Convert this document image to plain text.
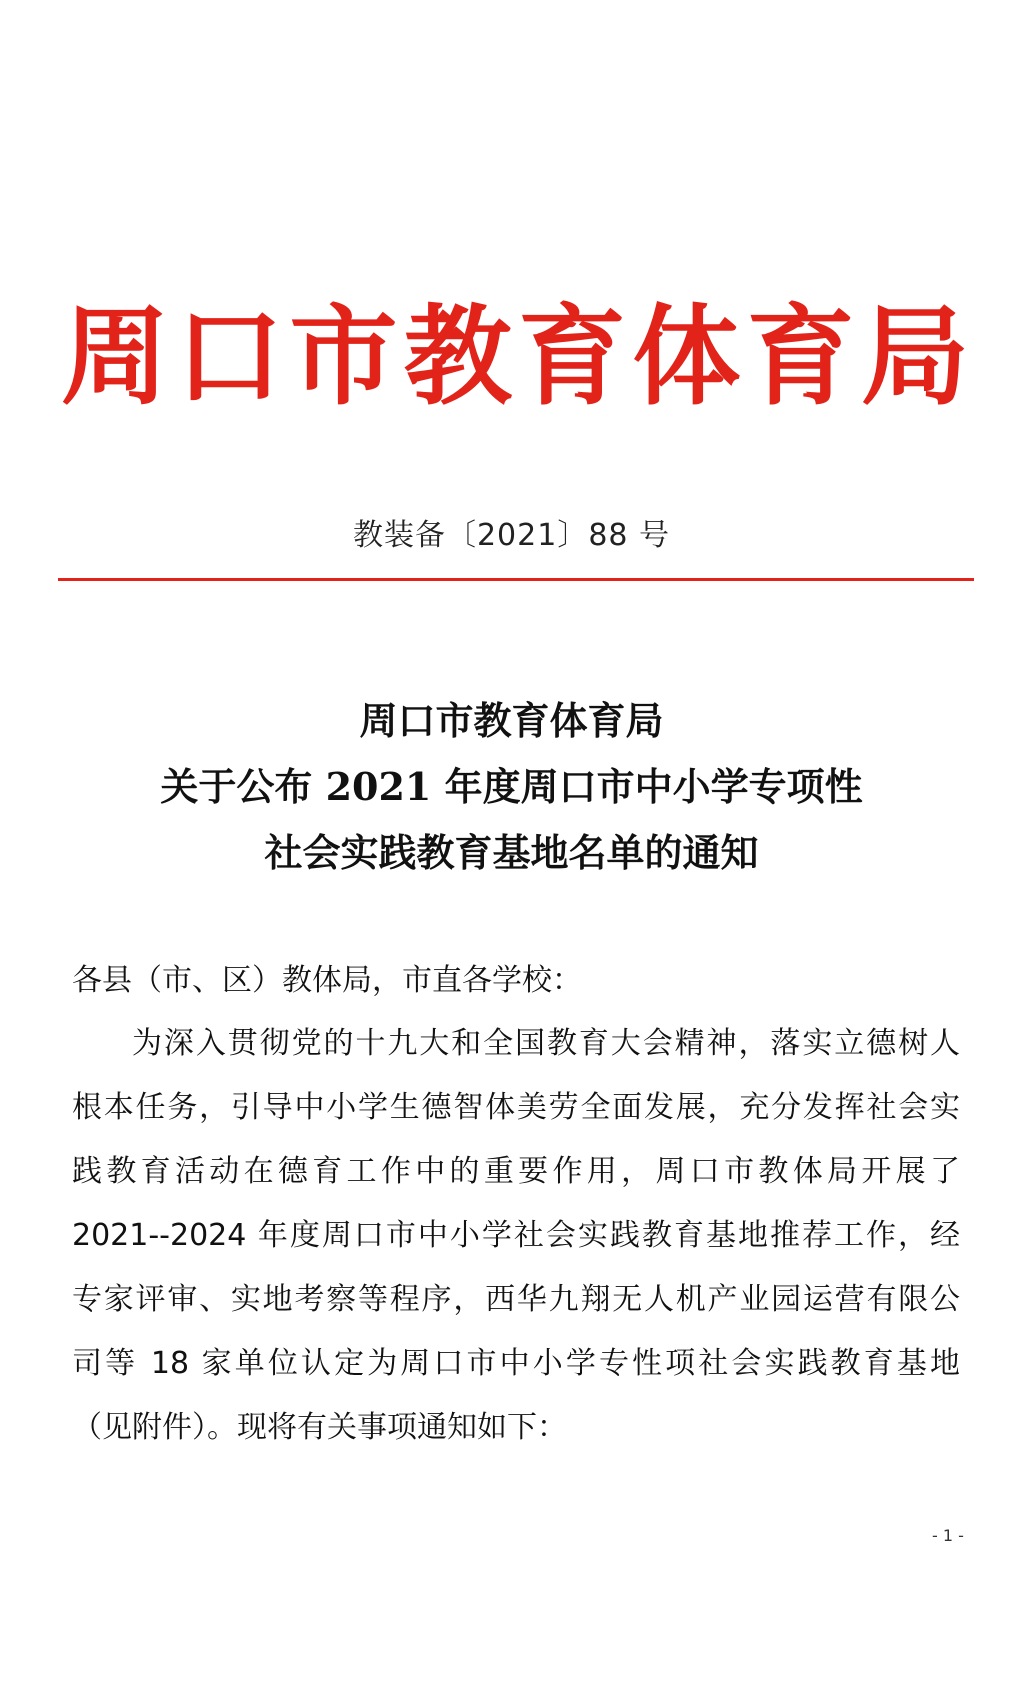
周 口 市 教 育 体 育 局
教装备〔2021〕88 号
周口市教育体育局
关于公布 2021 年度周口市中小学专项性
社会实践教育基地名单的通知
各县（市、区）教体局，市直各学校：
为深入贯彻党的十九大和全国教育大会精神，落实立德树人
根本任务，引导中小学生德智体美劳全面发展，充分发挥社会实
践教育活动在德育工作中的重要作用，周口市教体局开展了
2021--2024 年度周口市中小学社会实践教育基地推荐工作，经
专家评审、实地考察等程序，西华九翔无人机产业园运营有限公
司等 18 家单位认定为周口市中小学专性项社会实践教育基地
（见附件）。现将有关事项通知如下：
- 1 -
